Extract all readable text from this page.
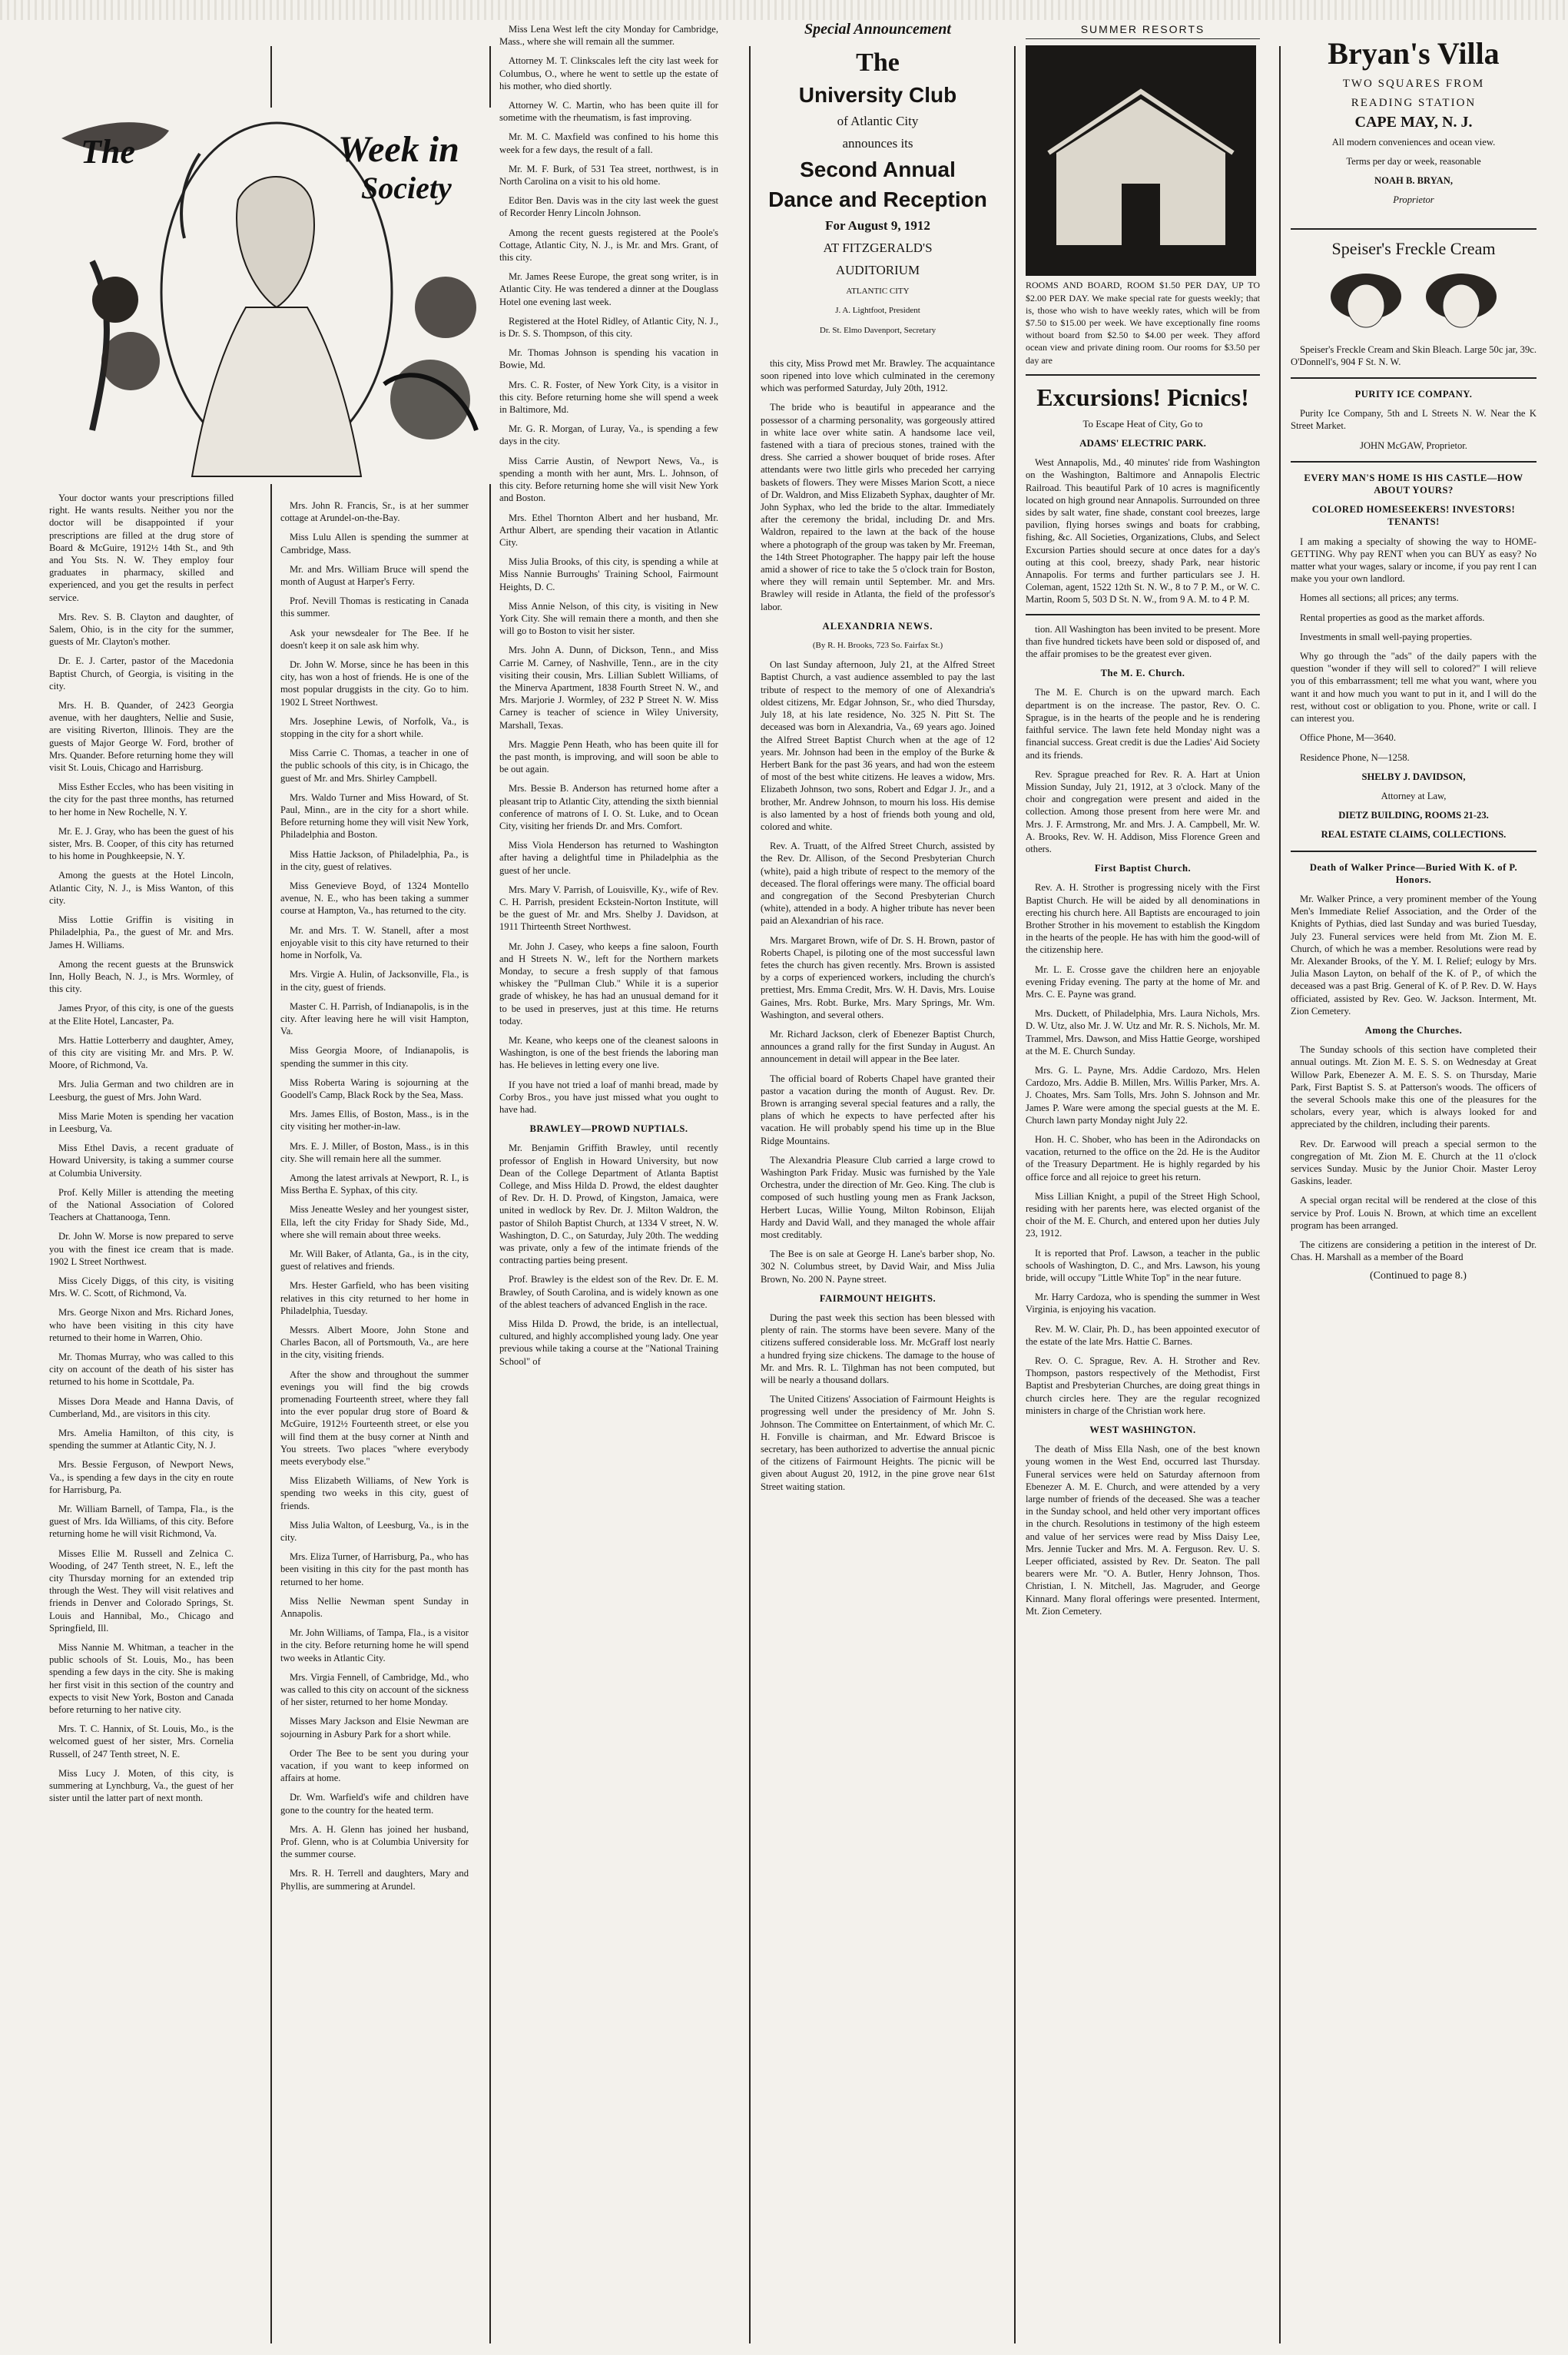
The	Week in
Society

Your doctor wants your prescriptions filled right. He wants results. Neither you nor the doctor will be disappointed if your prescriptions are filled at the drug store of Board & McGuire, 1912½ 14th St., and 9th and You Sts. N. W. They employ four graduates in pharmacy, skilled and experienced, and you get the results in perfect service.

Mrs. Rev. S. B. Clayton and daughter, of Salem, Ohio, is in the city for the summer, guests of Mr. Clayton's mother.

Dr. E. J. Carter, pastor of the Macedonia Baptist Church, of Georgia, is visiting in the city.

Mrs. H. B. Quander, of 2423 Georgia avenue, with her daughters, Nellie and Susie, are visiting Riverton, Illinois. They are the guests of Major George W. Ford, brother of Mrs. Quander. Before returning home they will visit St. Louis, Chicago and Harrisburg.

Miss Esther Eccles, who has been visiting in the city for the past three months, has returned to her home in New Rochelle, N. Y.

Mr. E. J. Gray, who has been the guest of his sister, Mrs. B. Cooper, of this city has returned to his home in Poughkeepsie, N. Y.

Among the guests at the Hotel Lincoln, Atlantic City, N. J., is Miss Wanton, of this city.

Miss Lottie Griffin is visiting in Philadelphia, Pa., the guest of Mr. and Mrs. James H. Williams.

Among the recent guests at the Brunswick Inn, Holly Beach, N. J., is Mrs. Wormley, of this city.

James Pryor, of this city, is one of the guests at the Elite Hotel, Lancaster, Pa.

Mrs. Hattie Lotterberry and daughter, Amey, of this city are visiting Mr. and Mrs. P. W. Moore, of Richmond, Va.

Mrs. Julia German and two children are in Leesburg, the guest of Mrs. John Ward.

Miss Marie Moten is spending her vacation in Leesburg, Va.

Miss Ethel Davis, a recent graduate of Howard University, is taking a summer course at Columbia University.

Prof. Kelly Miller is attending the meeting of the National Association of Colored Teachers at Chattanooga, Tenn.

Dr. John W. Morse is now prepared to serve you with the finest ice cream that is made. 1902 L Street Northwest.

Miss Cicely Diggs, of this city, is visiting Mrs. W. C. Scott, of Richmond, Va.

Mrs. George Nixon and Mrs. Richard Jones, who have been visiting in this city have returned to their home in Warren, Ohio.

Mr. Thomas Murray, who was called to this city on account of the death of his sister has returned to his home in Scottdale, Pa.

Misses Dora Meade and Hanna Davis, of Cumberland, Md., are visitors in this city.

Mrs. Amelia Hamilton, of this city, is spending the summer at Atlantic City, N. J.

Mrs. Bessie Ferguson, of Newport News, Va., is spending a few days in the city en route for Harrisburg, Pa.

Mr. William Barnell, of Tampa, Fla., is the guest of Mrs. Ida Williams, of this city. Before returning home he will visit Richmond, Va.

Misses Ellie M. Russell and Zelnica C. Wooding, of 247 Tenth street, N. E., left the city Thursday morning for an extended trip through the West. They will visit relatives and friends in Denver and Colorado Springs, St. Louis and Hannibal, Mo., Chicago and Springfield, Ill.

Miss Nannie M. Whitman, a teacher in the public schools of St. Louis, Mo., has been spending a few days in the city. She is making her first visit in this section of the country and expects to visit New York, Boston and Canada before returning to her native city.

Mrs. T. C. Hannix, of St. Louis, Mo., is the welcomed guest of her sister, Mrs. Cornelia Russell, of 247 Tenth street, N. E.

Miss Lucy J. Moten, of this city, is summering at Lynchburg, Va., the guest of her sister until the latter part of next month.

Mrs. John R. Francis, Sr., is at her summer cottage at Arundel-on-the-Bay.

Miss Lulu Allen is spending the summer at Cambridge, Mass.

Mr. and Mrs. William Bruce will spend the month of August at Harper's Ferry.

Prof. Nevill Thomas is resticating in Canada this summer.

Ask your newsdealer for The Bee. If he doesn't keep it on sale ask him why.

Dr. John W. Morse, since he has been in this city, has won a host of friends. He is one of the most popular druggists in the city. Go to him. 1902 L Street Northwest.

Mrs. Josephine Lewis, of Norfolk, Va., is stopping in the city for a short while.

Miss Carrie C. Thomas, a teacher in one of the public schools of this city, is in Chicago, the guest of Mr. and Mrs. Shirley Campbell.

Mrs. Waldo Turner and Miss Howard, of St. Paul, Minn., are in the city for a short while. Before returning home they will visit New York, Philadelphia and Boston.

Miss Hattie Jackson, of Philadelphia, Pa., is in the city, guest of relatives.

Miss Genevieve Boyd, of 1324 Montello avenue, N. E., who has been taking a summer course at Hampton, Va., has returned to the city.

Mr. and Mrs. T. W. Stanell, after a most enjoyable visit to this city have returned to their home in Norfolk, Va.

Mrs. Virgie A. Hulin, of Jacksonville, Fla., is in the city, guest of friends.

Master C. H. Parrish, of Indianapolis, is in the city. After leaving here he will visit Hampton, Va.

Miss Georgia Moore, of Indianapolis, is spending the summer in this city.

Miss Roberta Waring is sojourning at the Goodell's Camp, Black Rock by the Sea, Mass.

Mrs. James Ellis, of Boston, Mass., is in the city visiting her mother-in-law.

Mrs. E. J. Miller, of Boston, Mass., is in this city. She will remain here all the summer.

Among the latest arrivals at Newport, R. I., is Miss Bertha E. Syphax, of this city.

Miss Jeneatte Wesley and her youngest sister, Ella, left the city Friday for Shady Side, Md., where she will remain about three weeks.

Mr. Will Baker, of Atlanta, Ga., is in the city, guest of relatives and friends.

Mrs. Hester Garfield, who has been visiting relatives in this city returned to her home in Philadelphia, Tuesday.

Messrs. Albert Moore, John Stone and Charles Bacon, all of Portsmouth, Va., are here in the city, visiting friends.

After the show and throughout the summer evenings you will find the big crowds promenading Fourteenth street, where they fall into the ever popular drug store of Board & McGuire, 1912½ Fourteenth street, or else you will find them at the busy corner at Ninth and You streets. Two places "where everybody meets everybody else."

Miss Elizabeth Williams, of New York is spending two weeks in this city, guest of friends.

Miss Julia Walton, of Leesburg, Va., is in the city.

Mrs. Eliza Turner, of Harrisburg, Pa., who has been visiting in this city for the past month has returned to her home.

Miss Nellie Newman spent Sunday in Annapolis.

Mr. John Williams, of Tampa, Fla., is a visitor in the city. Before returning home he will spend two weeks in Atlantic City.

Mrs. Virgia Fennell, of Cambridge, Md., who was called to this city on account of the sickness of her sister, returned to her home Monday.

Misses Mary Jackson and Elsie Newman are sojourning in Asbury Park for a short while.

Order The Bee to be sent you during your vacation, if you want to keep informed on affairs at home.

Dr. Wm. Warfield's wife and children have gone to the country for the heated term.

Mrs. A. H. Glenn has joined her husband, Prof. Glenn, who is at Columbia University for the summer course.

Mrs. R. H. Terrell and daughters, Mary and Phyllis, are summering at Arundel.

Miss Lena West left the city Monday for Cambridge, Mass., where she will remain all the summer.

Attorney M. T. Clinkscales left the city last week for Columbus, O., where he went to settle up the estate of his mother, who died shortly.

Attorney W. C. Martin, who has been quite ill for sometime with the rheumatism, is fast improving.

Mr. M. C. Maxfield was confined to his home this week for a few days, the result of a fall.

Mr. M. F. Burk, of 531 Tea street, northwest, is in North Carolina on a visit to his old home.

Editor Ben. Davis was in the city last week the guest of Recorder Henry Lincoln Johnson.

Among the recent guests registered at the Poole's Cottage, Atlantic City, N. J., is Mr. and Mrs. Grant, of this city.

Mr. James Reese Europe, the great song writer, is in Atlantic City. He was tendered a dinner at the Douglass Hotel one evening last week.

Registered at the Hotel Ridley, of Atlantic City, N. J., is Dr. S. S. Thompson, of this city.

Mr. Thomas Johnson is spending his vacation in Bowie, Md.

Mrs. C. R. Foster, of New York City, is a visitor in this city. Before returning home she will spend a week in Baltimore, Md.

Mr. G. R. Morgan, of Luray, Va., is spending a few days in the city.

Miss Carrie Austin, of Newport News, Va., is spending a month with her aunt, Mrs. L. Johnson, of this city. Before returning home she will visit New York and Boston.

Mrs. Ethel Thornton Albert and her husband, Mr. Arthur Albert, are spending their vacation in Atlantic City.

Miss Julia Brooks, of this city, is spending a while at Miss Nannie Burroughs' Training School, Fairmount Heights, D. C.

Miss Annie Nelson, of this city, is visiting in New York City. She will remain there a month, and then she will go to Boston to visit her sister.

Mrs. John A. Dunn, of Dickson, Tenn., and Miss Carrie M. Carney, of Nashville, Tenn., are in the city visiting their cousin, Mrs. Lillian Sublett Williams, of the Minerva Apartment, 1838 Fourth Street N. W., and Mrs. Marjorie J. Wormley, of 232 P Street N. W. Miss Carney is teacher of science in Wiley University, Marshall, Texas.

Mrs. Maggie Penn Heath, who has been quite ill for the past month, is improving, and will soon be able to be out again.

Mrs. Bessie B. Anderson has returned home after a pleasant trip to Atlantic City, attending the sixth biennial conference of matrons of I. O. St. Luke, and to Ocean City, visiting her friends Dr. and Mrs. Comfort.

Miss Viola Henderson has returned to Washington after having a delightful time in Philadelphia as the guest of her uncle.

Mrs. Mary V. Parrish, of Louisville, Ky., wife of Rev. C. H. Parrish, president Eckstein-Norton Institute, will be the guest of Mr. and Mrs. Shelby J. Davidson, at 1911 Thirteenth Street Northwest.

Mr. John J. Casey, who keeps a fine saloon, Fourth and H Streets N. W., left for the Northern markets Monday, to secure a fresh supply of that famous whiskey the "Pullman Club." While it is a superior grade of whiskey, he has had an unusual demand for it to be used in preserves, just at this time. He returns today.

Mr. Keane, who keeps one of the cleanest saloons in Washington, is one of the best friends the laboring man has. He believes in letting every one live.

If you have not tried a loaf of manhi bread, made by Corby Bros., you have just missed what you ought to have had.

BRAWLEY—PROWD NUPTIALS.

Mr. Benjamin Griffith Brawley, until recently professor of English in Howard University, but now Dean of the College Department of Atlanta Baptist College, and Miss Hilda D. Prowd, the eldest daughter of Rev. Dr. H. D. Prowd, of Kingston, Jamaica, were united in wedlock by Rev. Dr. J. Milton Waldron, the pastor of Shiloh Baptist Church, at 1334 V street, N. W. Washington, D. C., on Saturday, July 20th. The wedding was private, only a few of the intimate friends of the contracting parties being present.

Prof. Brawley is the eldest son of the Rev. Dr. E. M. Brawley, of South Carolina, and is widely known as one of the ablest teachers of advanced English in the race.

Miss Hilda D. Prowd, the bride, is an intellectual, cultured, and highly accomplished young lady. One year previous while taking a course at the "National Training School" of

Special Announcement

The

University Club

of Atlantic City

announces its

Second Annual

Dance and Reception

For August 9, 1912

AT FITZGERALD'S

AUDITORIUM

ATLANTIC CITY

J. A. Lightfoot, President

Dr. St. Elmo Davenport, Secretary

this city, Miss Prowd met Mr. Brawley. The acquaintance soon ripened into love which culminated in the ceremony which was performed Saturday, July 20th, 1912.

The bride who is beautiful in appearance and the possessor of a charming personality, was gorgeously attired in white lace over white satin. A handsome lace veil, fastened with a tiara of precious stones, trained with the dress. She carried a shower bouquet of bride roses. After attendants were two little girls who preceded her carrying baskets of flowers. They were Misses Marion Scott, a niece of Dr. Waldron, and Miss Elizabeth Syphax, daughter of Mr. John Syphax, who led the bride to the altar. Immediately after the ceremony the bridal, including Dr. and Mrs. Waldron, repaired to the lawn at the back of the house where a photograph of the group was taken by Mr. Freeman, the 14th Street Photographer. The happy pair left the house amid a shower of rice to take the 5 o'clock train for Boston, where they will remain until September. Mr. and Mrs. Brawley will reside in Atlanta, the field of the professor's labor.

ALEXANDRIA NEWS.

(By R. H. Brooks, 723 So. Fairfax St.)

On last Sunday afternoon, July 21, at the Alfred Street Baptist Church, a vast audience assembled to pay the last tribute of respect to the memory of one of Alexandria's oldest citizens, Mr. Edgar Johnson, Sr., who died Thursday, July 18, at his late residence, No. 325 N. Pitt St. The deceased was born in Alexandria, Va., 69 years ago. Joined the Alfred Street Baptist Church when at the age of 12 years. Mr. Johnson had been in the employ of the Burke & Herbert Bank for the past 36 years, and had won the esteem of most of the best white citizens. He leaves a widow, Mrs. Elizabeth Johnson, two sons, Robert and Edgar J. Jr., and a brother, Mr. Andrew Johnson, to mourn his loss. His demise is also lamented by a host of friends both young and old, colored and white.

Rev. A. Truatt, of the Alfred Street Church, assisted by the Rev. Dr. Allison, of the Second Presbyterian Church (white), paid a high tribute of respect to the memory of the deceased. The floral offerings were many. The official board and congregation of the Second Presbyterian Church (white), attended in a body. A higher tribute has never been paid an Alexandrian of his race.

Mrs. Margaret Brown, wife of Dr. S. H. Brown, pastor of Roberts Chapel, is piloting one of the most successful lawn fetes the church has given recently. Mrs. Brown is assisted by a corps of experienced workers, including the church's prettiest, Mrs. Emma Credit, Mrs. W. H. Davis, Mrs. Louise Gaines, Mrs. Robt. Burke, Mrs. Mary Springs, Mr. Wm. Washington, and several others.

Mr. Richard Jackson, clerk of Ebenezer Baptist Church, announces a grand rally for the first Sunday in August. An announcement in detail will appear in the Bee later.

The official board of Roberts Chapel have granted their pastor a vacation during the month of August. Rev. Dr. Brown is arranging several special features and a rally, the plans of which he expects to have perfected after his vacation. He will probably spend his time up in the Blue Ridge Mountains.

The Alexandria Pleasure Club carried a large crowd to Washington Park Friday. Music was furnished by the Yale Orchestra, under the direction of Mr. Geo. King. The club is composed of such hustling young men as Frank Jackson, Herbert Lucas, Willie Young, Milton Robinson, Elijah Hardy and David Wall, and they managed the whole affair most creditably.

The Bee is on sale at George H. Lane's barber shop, No. 302 N. Columbus street, by David Wair, and Miss Julia Brown, No. 200 N. Payne street.

FAIRMOUNT HEIGHTS.

During the past week this section has been blessed with plenty of rain. The storms have been severe. Many of the citizens suffered considerable loss. Mr. McGraff lost nearly a hundred frying size chickens. The damage to the house of Mr. and Mrs. R. L. Tilghman has not been computed, but will be nearly a thousand dollars.

The United Citizens' Association of Fairmount Heights is progressing well under the presidency of Mr. John S. Johnson. The Committee on Entertainment, of which Mr. C. H. Fonville is chairman, and Mr. Edward Briscoe is secretary, has been authorized to advertise the annual picnic of the citizens of Fairmount Heights. The picnic will be given about August 20, 1912, in the pine grove near 61st Street waiting station.

SUMMER RESORTS

ROOMS AND BOARD, ROOM $1.50 PER DAY, UP TO $2.00 PER DAY. We make special rate for guests weekly; that is, those who wish to have weekly rates, which will be from $7.50 to $15.00 per week. We have exceptionally fine rooms without board from $2.50 to $4.00 per week. They afford ocean view and private dining room. Our rooms for $3.50 per day are

Excursions! Picnics!

To Escape Heat of City, Go to

ADAMS' ELECTRIC PARK.

West Annapolis, Md., 40 minutes' ride from Washington on the Washington, Baltimore and Annapolis Electric Railroad. This beautiful Park of 10 acres is magnificently located on high ground near Annapolis. Surrounded on three sides by salt water, fine shade, constant cool breezes, large pavilion, flying horses swings and boats for crabbing, fishing, &c. All Societies, Organizations, Clubs, and Select Excursion Parties should secure at once dates for a day's outing at this cool, breezy, shady Park, near historic Annapolis. For terms and further particulars see J. H. Coleman, agent, 1522 12th St. N. W., 8 to 7 P. M., or W. C. Martin, Room 5, 503 D St. N. W., from 9 A. M. to 4 P. M.

tion. All Washington has been invited to be present. More than five hundred tickets have been sold or disposed of, and the affair promises to be the greatest ever given.

The M. E. Church.

The M. E. Church is on the upward march. Each department is on the increase. The pastor, Rev. O. C. Sprague, is in the hearts of the people and he is rendering faithful service. The lawn fete held Monday night was a financial success. Great credit is due the Ladies' Aid Society and its friends.

Rev. Sprague preached for Rev. R. A. Hart at Union Mission Sunday, July 21, 1912, at 3 o'clock. Many of the choir and congregation were present and aided in the collection. Among those present from here were Mr. and Mrs. J. F. Armstrong, Mr. and Mrs. J. A. Campbell, Mr. W. A. Brooks, Rev. W. H. Addison, Miss Florence Green and others.

First Baptist Church.

Rev. A. H. Strother is progressing nicely with the First Baptist Church. He will be aided by all denominations in erecting his church here. All Baptists are encouraged to join Brother Strother in his movement to establish the Kingdom in the hearts of the people. He has with him the good-will of the citizenship here.

Mr. L. E. Crosse gave the children here an enjoyable evening Friday evening. The party at the home of Mr. and Mrs. C. E. Payne was grand.

Mrs. Duckett, of Philadelphia, Mrs. Laura Nichols, Mrs. D. W. Utz, also Mr. J. W. Utz and Mr. R. S. Nichols, Mr. M. Trammel, Mrs. Dawson, and Miss Hattie George, worshiped at the M. E. Church Sunday.

Mrs. G. L. Payne, Mrs. Addie Cardozo, Mrs. Helen Cardozo, Mrs. Addie B. Millen, Mrs. Willis Parker, Mrs. A. J. Choates, Mrs. Sam Tolls, Mrs. John S. Johnson and Mr. James P. Ware were among the special guests at the M. E. Church lawn party Monday night July 22.

Hon. H. C. Shober, who has been in the Adirondacks on vacation, returned to the office on the 2d. He is the Auditor of the Treasury Department. He is highly regarded by his office force and all rejoice to greet his return.

Miss Lillian Knight, a pupil of the Street High School, residing with her parents here, was elected organist of the choir of the M. E. Church, and entered upon her duties July 23, 1912.

It is reported that Prof. Lawson, a teacher in the public schools of Washington, D. C., and Mrs. Lawson, his young bride, will occupy "Little White Top" in the near future.

Mr. Harry Cardoza, who is spending the summer in West Virginia, is enjoying his vacation.

Rev. M. W. Clair, Ph. D., has been appointed executor of the estate of the late Mrs. Hattie C. Barnes.

Rev. O. C. Sprague, Rev. A. H. Strother and Rev. Thompson, pastors respectively of the Methodist, First Baptist and Presbyterian Churches, are doing great things in church circles here. They are the regular recognized ministers in charge of the Christian work here.

WEST WASHINGTON.

The death of Miss Ella Nash, one of the best known young women in the West End, occurred last Thursday. Funeral services were held on Saturday afternoon from Ebenezer A. M. E. Church, and were attended by a very large number of friends of the deceased. She was a teacher in the Sunday school, and held other very important offices in the church. Resolutions in testimony of the high esteem and value of her services were read by Miss Daisy Lee, Mrs. Jennie Tucker and Mrs. M. A. Ferguson. Rev. U. S. Leeper officiated, assisted by Rev. Dr. Seaton. The pall bearers were Mr. "O. A. Butler, Henry Johnson, Thos. Christian, I. N. Mitchell, Jas. Magruder, and George Kinnard. Many floral offerings were presented. Interment, Mt. Zion Cemetery.

Bryan's Villa

TWO SQUARES FROM

READING STATION

CAPE MAY, N. J.

All modern conveniences and ocean view.

Terms per day or week, reasonable

NOAH B. BRYAN,

Proprietor

Speiser's Freckle Cream

Speiser's Freckle Cream and Skin Bleach. Large 50c jar, 39c. O'Donnell's, 904 F St. N. W.

PURITY ICE COMPANY.

Purity Ice Company, 5th and L Streets N. W. Near the K Street Market.

JOHN McGAW, Proprietor.

EVERY MAN'S HOME IS HIS CASTLE—HOW ABOUT YOURS?

COLORED HOMESEEKERS! INVESTORS! TENANTS!

I am making a specialty of showing the way to HOME-GETTING. Why pay RENT when you can BUY as easy? No matter what your wages, salary or income, if you pay rent I can make you your own landlord.

Homes all sections; all prices; any terms.

Rental properties as good as the market affords.

Investments in small well-paying properties.

Why go through the "ads" of the daily papers with the question "wonder if they will sell to colored?" I will relieve you of this embarrassment; tell me what you want, where you want it and how much you want to put in it, and I will do the rest, without cost or obligation to you. Phone, write or call. I can interest you.

Office Phone, M—3640.

Residence Phone, N—1258.

SHELBY J. DAVIDSON,

Attorney at Law,

DIETZ BUILDING, ROOMS 21-23.

REAL ESTATE CLAIMS, COLLECTIONS.

Death of Walker Prince—Buried With K. of P. Honors.

Mr. Walker Prince, a very prominent member of the Young Men's Immediate Relief Association, and the Order of the Knights of Pythias, died last Sunday and was buried Tuesday, July 23. Funeral services were held from Mt. Zion M. E. Church, of which he was a member. Resolutions were read by Mr. Alexander Brooks, of the Y. M. I. Relief; eulogy by Mrs. Julia Mason Layton, on behalf of the K. of P., of which the deceased was a past Brig. General of K. of P. Rev. D. W. Hays officiated, assisted by Rev. Geo. W. Jackson. Interment, Mt. Zion Cemetery.

Among the Churches.

The Sunday schools of this section have completed their annual outings. Mt. Zion M. E. S. S. on Wednesday at Great Willow Park, Ebenezer A. M. E. S. S. on Thursday, Marie Park, First Baptist S. S. at Patterson's woods. The officers of the several Schools make this one of the pleasures for the scholars, every year, which is always looked for and appreciated by the children, including their parents.

Rev. Dr. Earwood will preach a special sermon to the congregation of Mt. Zion M. E. Church at the 11 o'clock services Sunday. Music by the Junior Choir. Master Leroy Gaskins, leader.

A special organ recital will be rendered at the close of this service by Prof. Louis N. Brown, at which time an excellent program has been arranged.

The citizens are considering a petition in the interest of Dr. Chas. H. Marshall as a member of the Board

(Continued to page 8.)
